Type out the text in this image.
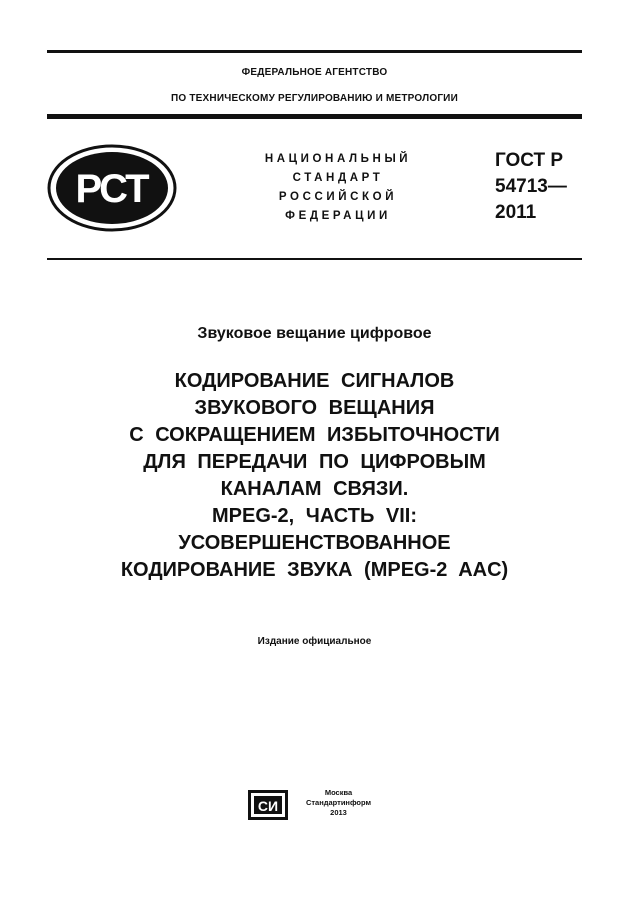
ФЕДЕРАЛЬНОЕ АГЕНТСТВО
ПО ТЕХНИЧЕСКОМУ РЕГУЛИРОВАНИЮ И МЕТРОЛОГИИ
PCT
НАЦИОНАЛЬНЫЙ
СТАНДАРТ
РОССИЙСКОЙ
ФЕДЕРАЦИИ
ГОСТ Р
54713—
2011
Звуковое вещание цифровое
КОДИРОВАНИЕ СИГНАЛОВ
ЗВУКОВОГО ВЕЩАНИЯ
С СОКРАЩЕНИЕМ ИЗБЫТОЧНОСТИ
ДЛЯ ПЕРЕДАЧИ ПО ЦИФРОВЫМ
КАНАЛАМ СВЯЗИ.
MPEG-2, ЧАСТЬ VII:
УСОВЕРШЕНСТВОВАННОЕ
КОДИРОВАНИЕ ЗВУКА (MPEG-2 AAC)
Издание официальное
СИ
Москва
Стандартинформ
2013
